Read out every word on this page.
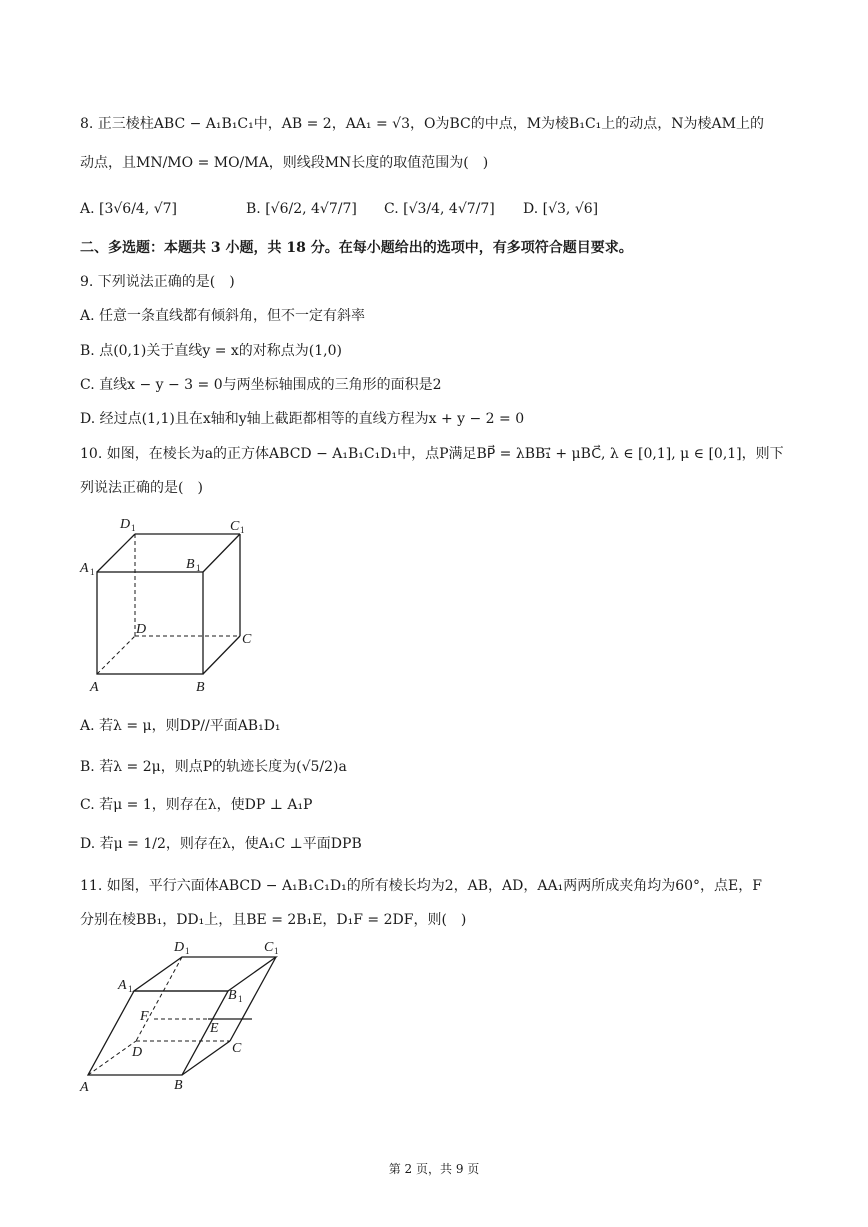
8. 正三棱柱ABC − A₁B₁C₁中，AB = 2，AA₁ = √3，O为BC的中点，M为棱B₁C₁上的动点，N为棱AM上的
动点，且MN/MO = MO/MA，则线段MN长度的取值范围为(　)
A. [3√6/4, √7]	B. [√6/2, 4√7/7] C. [√3/4, 4√7/7] D. [√3, √6]
二、多选题：本题共 3 小题，共 18 分。在每小题给出的选项中，有多项符合题目要求。
9. 下列说法正确的是(　)
A. 任意一条直线都有倾斜角，但不一定有斜率
B. 点(0,1)关于直线y = x的对称点为(1,0)
C. 直线x − y − 3 = 0与两坐标轴围成的三角形的面积是2
D. 经过点(1,1)且在x轴和y轴上截距都相等的直线方程为x + y − 2 = 0
10. 如图，在棱长为a的正方体ABCD − A₁B₁C₁D₁中，点P满足BP⃗ = λBB₁⃗ + μBC⃗, λ ∈ [0,1], μ ∈ [0,1]，则下
列说法正确的是(　)
D 1	C 1
A 1	B 1
D
C
A	B
A. 若λ = μ，则DP//平面AB₁D₁
B. 若λ = 2μ，则点P的轨迹长度为(√5/2)a
C. 若μ = 1，则存在λ，使DP ⊥ A₁P
D. 若μ = 1/2，则存在λ，使A₁C ⊥平面DPB
11. 如图，平行六面体ABCD − A₁B₁C₁D₁的所有棱长均为2，AB，AD，AA₁两两所成夹角均为60°，点E，F
分别在棱BB₁，DD₁上，且BE = 2B₁E，D₁F = 2DF，则(　)
D 1	C 1
A 1	B 1
F
E
D	C
A	B
第 2 页，共 9 页
